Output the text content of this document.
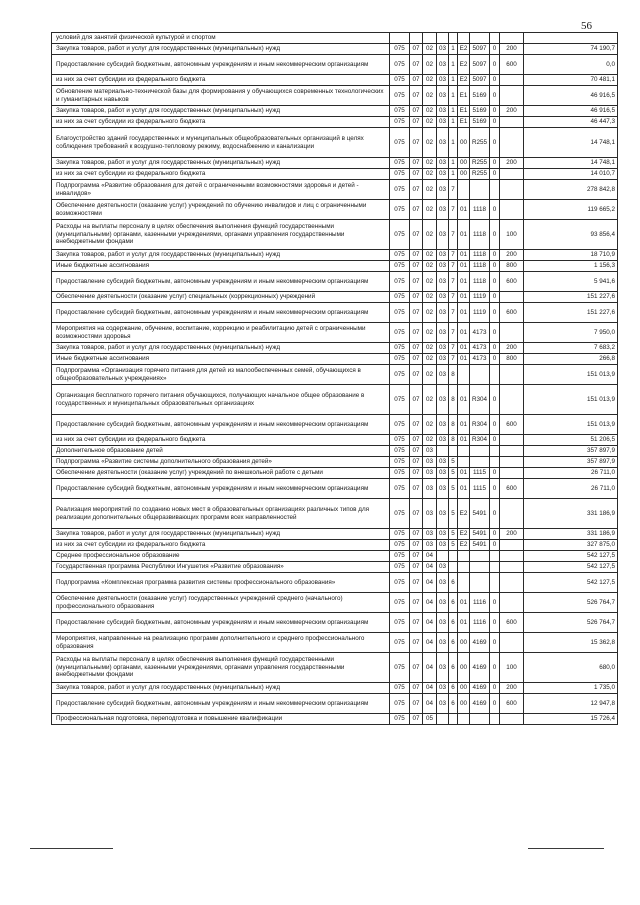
56
условий для занятий физической культурой и спортом										
Закупка товаров, работ и услуг для государственных (муниципальных) нужд	075	07	02	03	1	E2	5097	0	200	74 190,7
Предоставление субсидий бюджетным, автономным учреждениям и иным некоммерческим организациям	075	07	02	03	1	E2	5097	0	600	0,0
из них за счет субсидии из федерального бюджета	075	07	02	03	1	E2	5097	0		70 481,1
Обновление материально-технической базы для формирования у обучающихся современных технологических и гуманитарных навыков	075	07	02	03	1	E1	5169	0		46 916,5
Закупка товаров, работ и услуг для государственных (муниципальных) нужд	075	07	02	03	1	E1	5169	0	200	46 916,5
из них за счет субсидии из федерального бюджета	075	07	02	03	1	E1	5169	0		46 447,3
Благоустройство зданий государственных и муниципальных общеобразовательных организаций в целях соблюдения требований к воздушно-тепловому режиму, водоснабжению и канализации	075	07	02	03	1	00	R255	0		14 748,1
Закупка товаров, работ и услуг для государственных (муниципальных) нужд	075	07	02	03	1	00	R255	0	200	14 748,1
из них за счет субсидии из федерального бюджета	075	07	02	03	1	00	R255	0		14 010,7
Подпрограмма «Развитие образования для детей с ограниченными возможностями здоровья и детей - инвалидов»	075	07	02	03	7					278 842,8
Обеспечение деятельности (оказание услуг) учреждений по обучению инвалидов и лиц с ограниченными возможностями	075	07	02	03	7	01	1118	0		119 665,2
Расходы на выплаты персоналу в целях обеспечения выполнения функций государственными (муниципальными) органами, казенными учреждениями, органами управления государственными внебюджетными фондами	075	07	02	03	7	01	1118	0	100	93 856,4
Закупка товаров, работ и услуг для государственных (муниципальных) нужд	075	07	02	03	7	01	1118	0	200	18 710,9
Иные бюджетные ассигнования	075	07	02	03	7	01	1118	0	800	1 156,3
Предоставление субсидий бюджетным, автономным учреждениям и иным некоммерческим организациям	075	07	02	03	7	01	1118	0	600	5 941,6
Обеспечение деятельности (оказание услуг) специальных (коррекционных) учреждений	075	07	02	03	7	01	1119	0		151 227,6
Предоставление субсидий бюджетным, автономным учреждениям и иным некоммерческим организациям	075	07	02	03	7	01	1119	0	600	151 227,6
Мероприятия на содержание, обучение, воспитание, коррекцию и реабилитацию детей с ограниченными возможностями здоровья	075	07	02	03	7	01	4173	0		7 950,0
Закупка товаров, работ и услуг для государственных (муниципальных) нужд	075	07	02	03	7	01	4173	0	200	7 683,2
Иные бюджетные ассигнования	075	07	02	03	7	01	4173	0	800	266,8
Подпрограмма «Организация горячего питания для детей из малообеспеченных семей, обучающихся в общеобразовательных учреждениях»	075	07	02	03	8					151 013,9
Организация бесплатного горячего питания обучающихся, получающих начальное общее образование в государственных и муниципальных образовательных организациях	075	07	02	03	8	01	R304	0		151 013,9
Предоставление субсидий бюджетным, автономным учреждениям и иным некоммерческим организациям	075	07	02	03	8	01	R304	0	600	151 013,9
из них за счет субсидии из федерального бюджета	075	07	02	03	8	01	R304	0		51 206,5
Дополнительное образование детей	075	07	03							357 897,9
Подпрограмма «Развитие системы дополнительного образования детей»	075	07	03	03	5					357 897,9
Обеспечение деятельности (оказание услуг) учреждений по внешкольной работе с детьми	075	07	03	03	5	01	1115	0		26 711,0
Предоставление субсидий бюджетным, автономным учреждениям и иным некоммерческим организациям	075	07	03	03	5	01	1115	0	600	26 711,0
Реализация мероприятий по созданию новых мест в образовательных организациях различных типов для реализации дополнительных общеразвивающих программ всех направленностей	075	07	03	03	5	E2	5491	0		331 186,9
Закупка товаров, работ и услуг для государственных (муниципальных) нужд	075	07	03	03	5	E2	5491	0	200	331 186,9
из них за счет субсидии из федерального бюджета	075	07	03	03	5	E2	5491	0		327 875,0
Среднее профессиональное образование	075	07	04							542 127,5
Государственная программа Республики Ингушетия «Развитие образования»	075	07	04	03						542 127,5
Подпрограмма «Комплексная программа развития системы профессионального образования»	075	07	04	03	6					542 127,5
Обеспечение деятельности (оказание услуг) государственных учреждений среднего (начального) профессионального образования	075	07	04	03	6	01	1116	0		526 764,7
Предоставление субсидий бюджетным, автономным учреждениям и иным некоммерческим организациям	075	07	04	03	6	01	1116	0	600	526 764,7
Мероприятия, направленные на реализацию программ дополнительного и среднего профессионального образования	075	07	04	03	6	00	4169	0		15 362,8
Расходы на выплаты персоналу в целях обеспечения выполнения функций государственными (муниципальными) органами, казенными учреждениями, органами управления государственными внебюджетными фондами	075	07	04	03	6	00	4169	0	100	680,0
Закупка товаров, работ и услуг для государственных (муниципальных) нужд	075	07	04	03	6	00	4169	0	200	1 735,0
Предоставление субсидий бюджетным, автономным учреждениям и иным некоммерческим организациям	075	07	04	03	6	00	4169	0	600	12 947,8
Профессиональная подготовка, переподготовка и повышение квалификации	075	07	05							15 726,4
